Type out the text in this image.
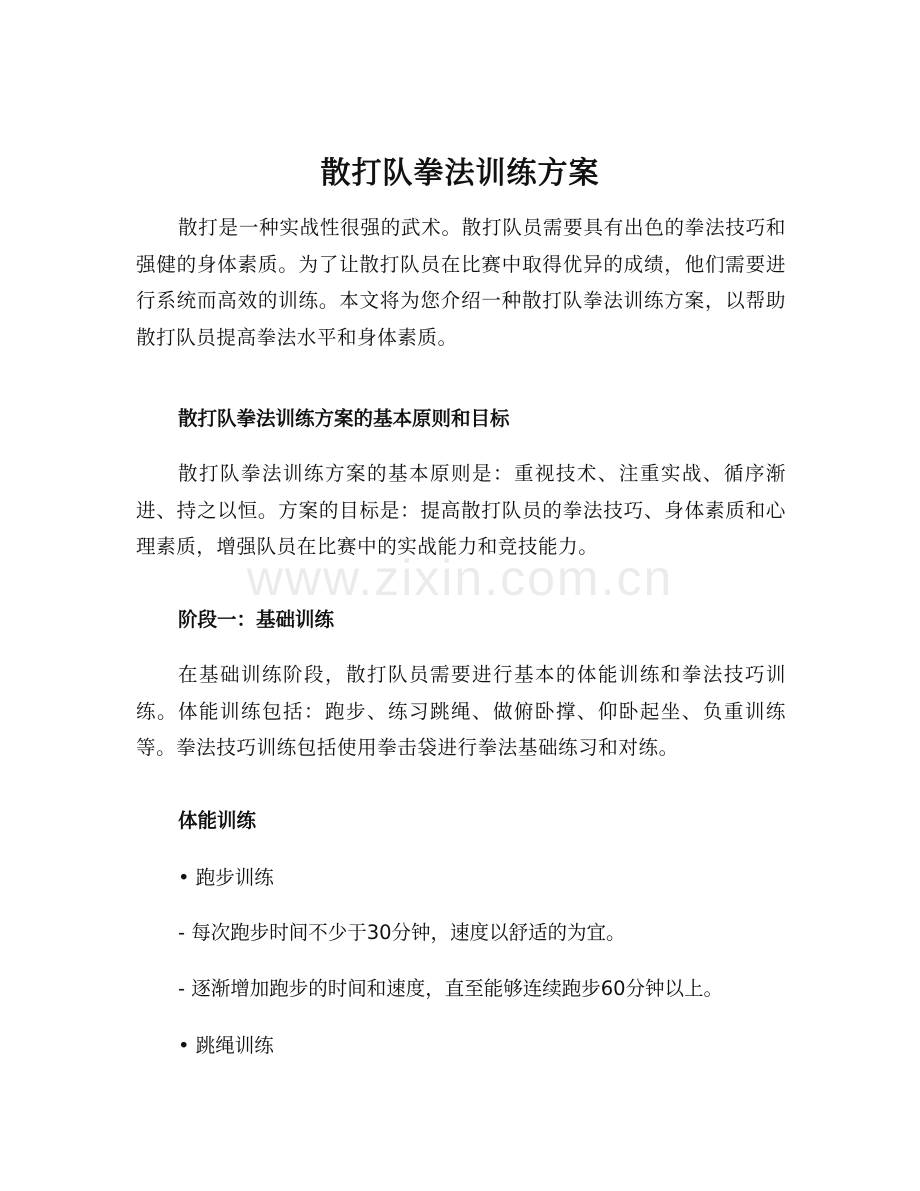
www.zixin.com.cn
散打队拳法训练方案
散打是一种实战性很强的武术。散打队员需要具有出色的拳法技巧和强健的身体素质。为了让散打队员在比赛中取得优异的成绩，他们需要进行系统而高效的训练。本文将为您介绍一种散打队拳法训练方案，以帮助散打队员提高拳法水平和身体素质。
散打队拳法训练方案的基本原则和目标
散打队拳法训练方案的基本原则是：重视技术、注重实战、循序渐进、持之以恒。方案的目标是：提高散打队员的拳法技巧、身体素质和心理素质，增强队员在比赛中的实战能力和竞技能力。
阶段一：基础训练
在基础训练阶段，散打队员需要进行基本的体能训练和拳法技巧训练。体能训练包括：跑步、练习跳绳、做俯卧撑、仰卧起坐、负重训练等。拳法技巧训练包括使用拳击袋进行拳法基础练习和对练。
体能训练
• 跑步训练
- 每次跑步时间不少于30分钟，速度以舒适的为宜。
- 逐渐增加跑步的时间和速度，直至能够连续跑步60分钟以上。
• 跳绳训练
